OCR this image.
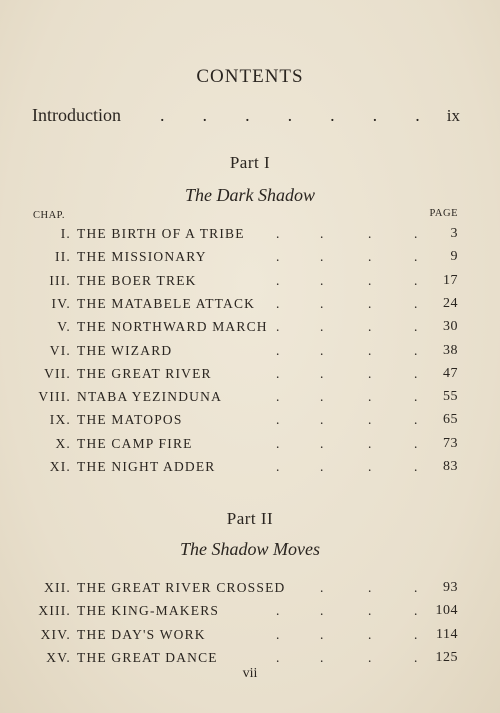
CONTENTS
Introduction . . . . . . . ix
Part I
The Dark Shadow
CHAP.	PAGE
I. THE BIRTH OF A TRIBE .	.	.	. 3
II. THE MISSIONARY	.	.	.	. 9
III. THE BOER TREK	.	.	.	. 17
IV. THE MATABELE ATTACK .	.	.	. 24
V. THE NORTHWARD MARCH .	.	.	. 30
VI. THE WIZARD	.	.	.	. 38
VII. THE GREAT RIVER	.	.	.	. 47
VIII. NTABA YEZINDUNA	.	.	.	. 55
IX. THE MATOPOS	.	.	.	. 65
X. THE CAMP FIRE	.	.	.	. 73
XI. THE NIGHT ADDER	.	.	.	. 83
Part II
The Shadow Moves
XII. THE GREAT RIVER CROSSED	.	.	. 93
XIII. THE KING-MAKERS	.	.	.	. 104
XIV. THE DAY'S WORK	.	.	.	. 114
XV. THE GREAT DANCE	.	.	.	. 125
vii
